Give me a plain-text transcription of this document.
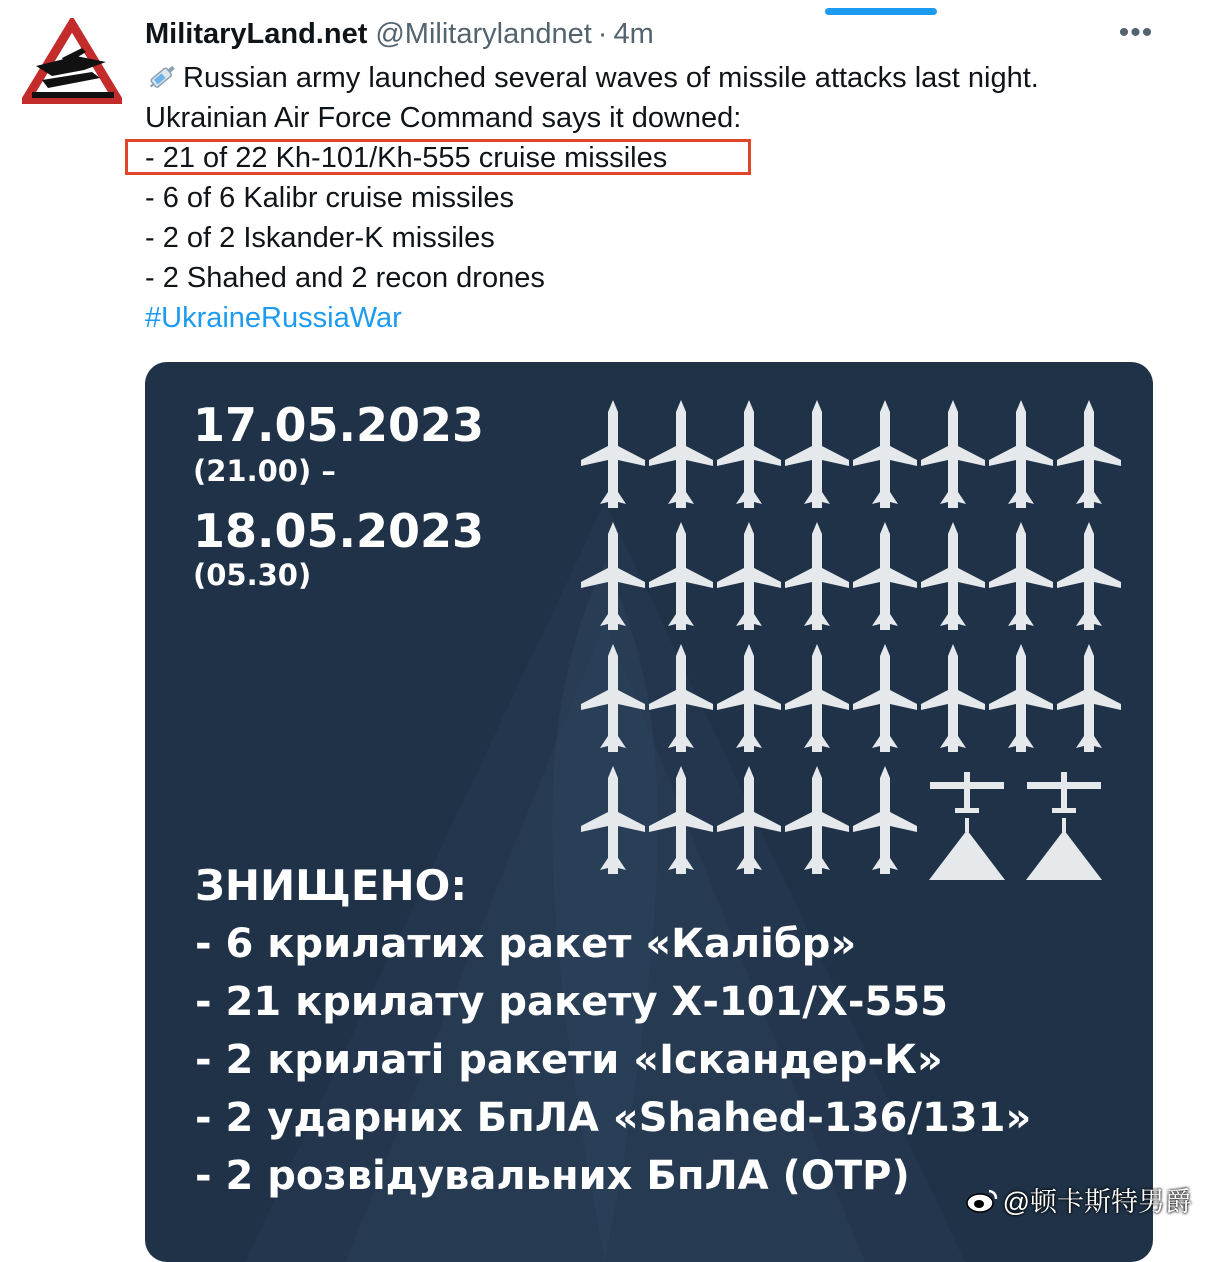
MilitaryLand.net @Militarylandnet · 4m	•••
Russian army launched several waves of missile attacks last night.
Ukrainian Air Force Command says it downed:
- 21 of 22 Kh-101/Kh-555 cruise missiles
- 6 of 6 Kalibr cruise missiles
- 2 of 2 Iskander-K missiles
- 2 Shahed and 2 recon drones
#UkraineRussiaWar
17.05.2023
(21.00) –
18.05.2023
(05.30)
ЗНИЩЕНО:
- 6 крилатих ракет «Калібр»
- 21 крилату ракету Х-101/Х-555
- 2 крилаті ракети «Іскандер-К»
- 2 ударних БпЛА «Shahed-136/131»
- 2 розвідувальних БпЛА (ОТР)
@顿卡斯特男爵
